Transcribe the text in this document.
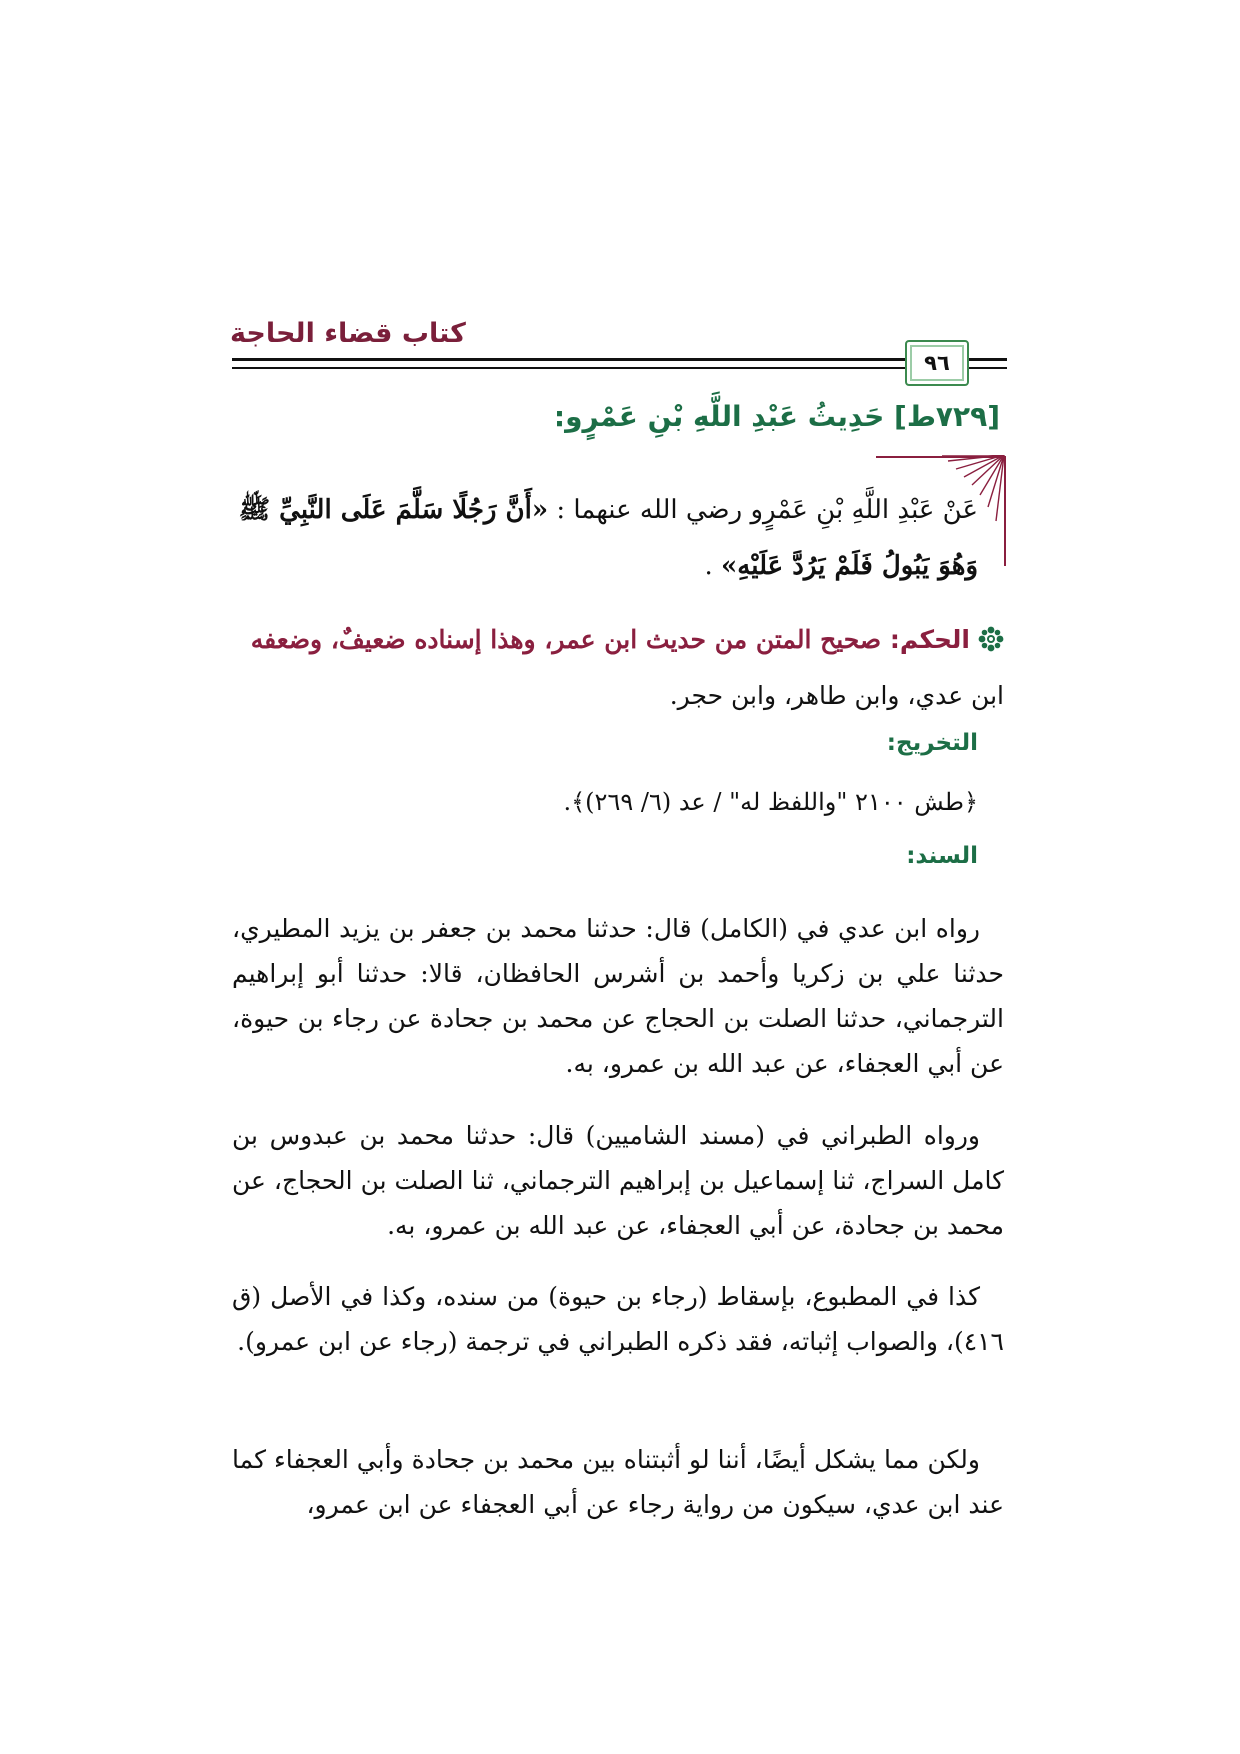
كتاب قضاء الحاجة
٩٦
[٧٢٩ط] حَدِيثُ عَبْدِ اللَّهِ بْنِ عَمْرٍو:
عَنْ عَبْدِ اللَّهِ بْنِ عَمْرٍو رضي الله عنهما : «أَنَّ رَجُلًا سَلَّمَ عَلَى النَّبِيِّ ﷺ وَهُوَ يَبُولُ فَلَمْ يَرُدَّ عَلَيْهِ» .
الحكم: صحيح المتن من حديث ابن عمر، وهذا إسناده ضعيفٌ، وضعفه ابن عدي، وابن طاهر، وابن حجر.
التخريج:
﴿طش ٢١٠٠ "واللفظ له" / عد (٦/ ٢٦٩)﴾.
السند:
رواه ابن عدي في (الكامل) قال: حدثنا محمد بن جعفر بن يزيد المطيري، حدثنا علي بن زكريا وأحمد بن أشرس الحافظان، قالا: حدثنا أبو إبراهيم الترجماني، حدثنا الصلت بن الحجاج عن محمد بن جحادة عن رجاء بن حيوة، عن أبي العجفاء، عن عبد الله بن عمرو، به.
ورواه الطبراني في (مسند الشاميين) قال: حدثنا محمد بن عبدوس بن كامل السراج، ثنا إسماعيل بن إبراهيم الترجماني، ثنا الصلت بن الحجاج، عن محمد بن جحادة، عن أبي العجفاء، عن عبد الله بن عمرو، به.
كذا في المطبوع، بإسقاط (رجاء بن حيوة) من سنده، وكذا في الأصل (ق ٤١٦)، والصواب إثباته، فقد ذكره الطبراني في ترجمة (رجاء عن ابن عمرو).
ولكن مما يشكل أيضًا، أننا لو أثبتناه بين محمد بن جحادة وأبي العجفاء كما عند ابن عدي، سيكون من رواية رجاء عن أبي العجفاء عن ابن عمرو،
